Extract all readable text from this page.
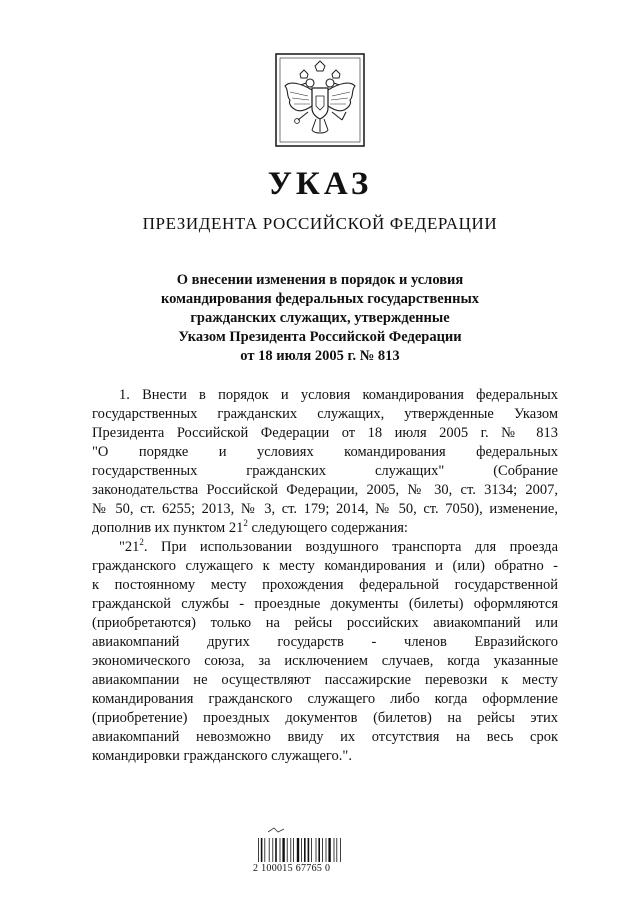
УКАЗ
ПРЕЗИДЕНТА РОССИЙСКОЙ ФЕДЕРАЦИИ
О внесении изменения в порядок и условия
командирования федеральных государственных
гражданских служащих, утвержденные
Указом Президента Российской Федерации
от 18 июля 2005 г. № 813
1. Внести в порядок и условия командирования федеральных
государственных гражданских служащих, утвержденные Указом
Президента Российской Федерации от 18 июля 2005 г. № 813
"О порядке и условиях командирования федеральных
государственных гражданских служащих" (Собрание
законодательства Российской Федерации, 2005, № 30, ст. 3134; 2007,
№ 50, ст. 6255; 2013, № 3, ст. 179; 2014, № 50, ст. 7050), изменение,
дополнив их пунктом $21^2$ следующего содержания:
"$21^2$. При использовании воздушного транспорта для проезда
гражданского служащего к месту командирования и (или) обратно -
к постоянному месту прохождения федеральной государственной
гражданской службы - проездные документы (билеты) оформляются
(приобретаются) только на рейсы российских авиакомпаний или
авиакомпаний других государств - членов Евразийского
экономического союза, за исключением случаев, когда указанные
авиакомпании не осуществляют пассажирские перевозки к месту
командирования гражданского служащего либо когда оформление
(приобретение) проездных документов (билетов) на рейсы этих
авиакомпаний невозможно ввиду их отсутствия на весь срок
командировки гражданского служащего.".
2 100015 67765 0
